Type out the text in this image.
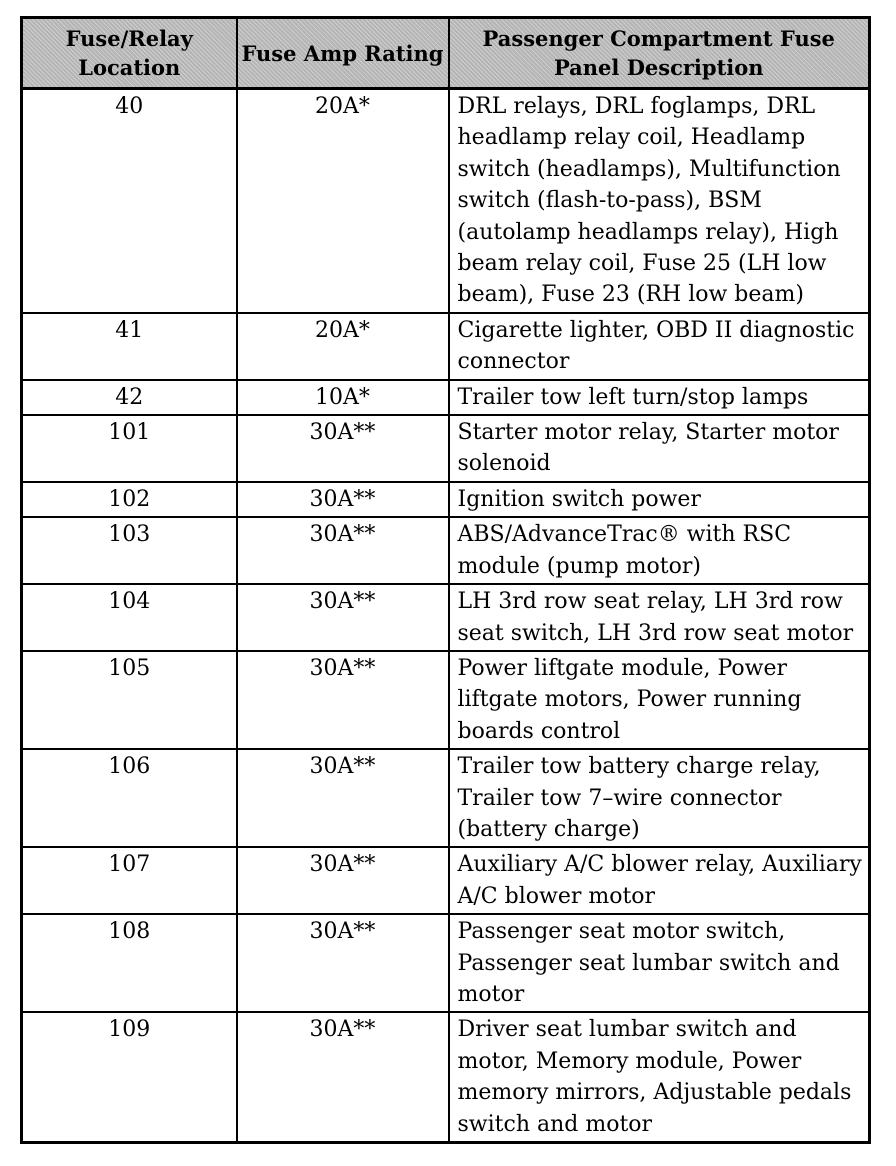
Fuse/Relay Location	Fuse Amp Rating	Passenger Compartment Fuse Panel Description
40	20A*	DRL relays, DRL foglamps, DRL headlamp relay coil, Headlamp switch (headlamps), Multifunction switch (flash-to-pass), BSM (autolamp headlamps relay), High beam relay coil, Fuse 25 (LH low beam), Fuse 23 (RH low beam)
41	20A*	Cigarette lighter, OBD II diagnostic connector
42	10A*	Trailer tow left turn/stop lamps
101	30A**	Starter motor relay, Starter motor solenoid
102	30A**	Ignition switch power
103	30A**	ABS/AdvanceTrac® with RSC module (pump motor)
104	30A**	LH 3rd row seat relay, LH 3rd row seat switch, LH 3rd row seat motor
105	30A**	Power liftgate module, Power liftgate motors, Power running boards control
106	30A**	Trailer tow battery charge relay, Trailer tow 7–wire connector (battery charge)
107	30A**	Auxiliary A/C blower relay, Auxiliary A/C blower motor
108	30A**	Passenger seat motor switch, Passenger seat lumbar switch and motor
109	30A**	Driver seat lumbar switch and motor, Memory module, Power memory mirrors, Adjustable pedals switch and motor
